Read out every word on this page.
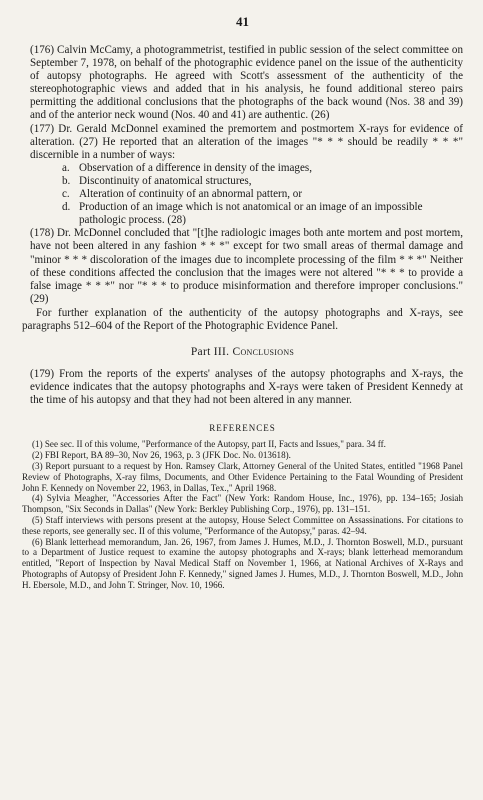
41

(176) Calvin McCamy, a photogrammetrist, testified in public session of the select committee on September 7, 1978, on behalf of the photographic evidence panel on the issue of the authenticity of autopsy photographs. He agreed with Scott's assessment of the authenticity of the stereophotographic views and added that in his analysis, he found additional stereo pairs permitting the additional conclusions that the photographs of the back wound (Nos. 38 and 39) and of the anterior neck wound (Nos. 40 and 41) are authentic. (26)

(177) Dr. Gerald McDonnel examined the premortem and postmortem X-rays for evidence of alteration. (27) He reported that an alteration of the images "* * * should be readily * * *" discernible in a number of ways:

a. Observation of a difference in density of the images,
b. Discontinuity of anatomical structures,
c. Alteration of continuity of an abnormal pattern, or
d. Production of an image which is not anatomical or an image of an impossible pathologic process. (28)

(178) Dr. McDonnel concluded that "[t]he radiologic images both ante mortem and post mortem, have not been altered in any fashion * * *" except for two small areas of thermal damage and "minor * * * discoloration of the images due to incomplete processing of the film * * *" Neither of these conditions affected the conclusion that the images were not altered "* * * to provide a false image * * *" nor "* * * to produce misinformation and therefore improper conclusions." (29)

For further explanation of the authenticity of the autopsy photographs and X-rays, see paragraphs 512–604 of the Report of the Photographic Evidence Panel.

Part III. Conclusions

(179) From the reports of the experts' analyses of the autopsy photographs and X-rays, the evidence indicates that the autopsy photographs and X-rays were taken of President Kennedy at the time of his autopsy and that they had not been altered in any manner.

REFERENCES

(1) See sec. II of this volume, "Performance of the Autopsy, part II, Facts and Issues," para. 34 ff.

(2) FBI Report, BA 89–30, Nov 26, 1963, p. 3 (JFK Doc. No. 013618).

(3) Report pursuant to a request by Hon. Ramsey Clark, Attorney General of the United States, entitled "1968 Panel Review of Photographs, X-ray films, Documents, and Other Evidence Pertaining to the Fatal Wounding of President John F. Kennedy on November 22, 1963, in Dallas, Tex.," April 1968.

(4) Sylvia Meagher, "Accessories After the Fact" (New York: Random House, Inc., 1976), pp. 134–165; Josiah Thompson, "Six Seconds in Dallas" (New York: Berkley Publishing Corp., 1976), pp. 131–151.

(5) Staff interviews with persons present at the autopsy, House Select Committee on Assassinations. For citations to these reports, see generally sec. II of this volume, "Performance of the Autopsy," paras. 42–94.

(6) Blank letterhead memorandum, Jan. 26, 1967, from James J. Humes, M.D., J. Thornton Boswell, M.D., pursuant to a Department of Justice request to examine the autopsy photographs and X-rays; blank letterhead memorandum entitled, "Report of Inspection by Naval Medical Staff on November 1, 1966, at National Archives of X-Rays and Photographs of Autopsy of President John F. Kennedy," signed James J. Humes, M.D., J. Thornton Boswell, M.D., John H. Ebersole, M.D., and John T. Stringer, Nov. 10, 1966.
